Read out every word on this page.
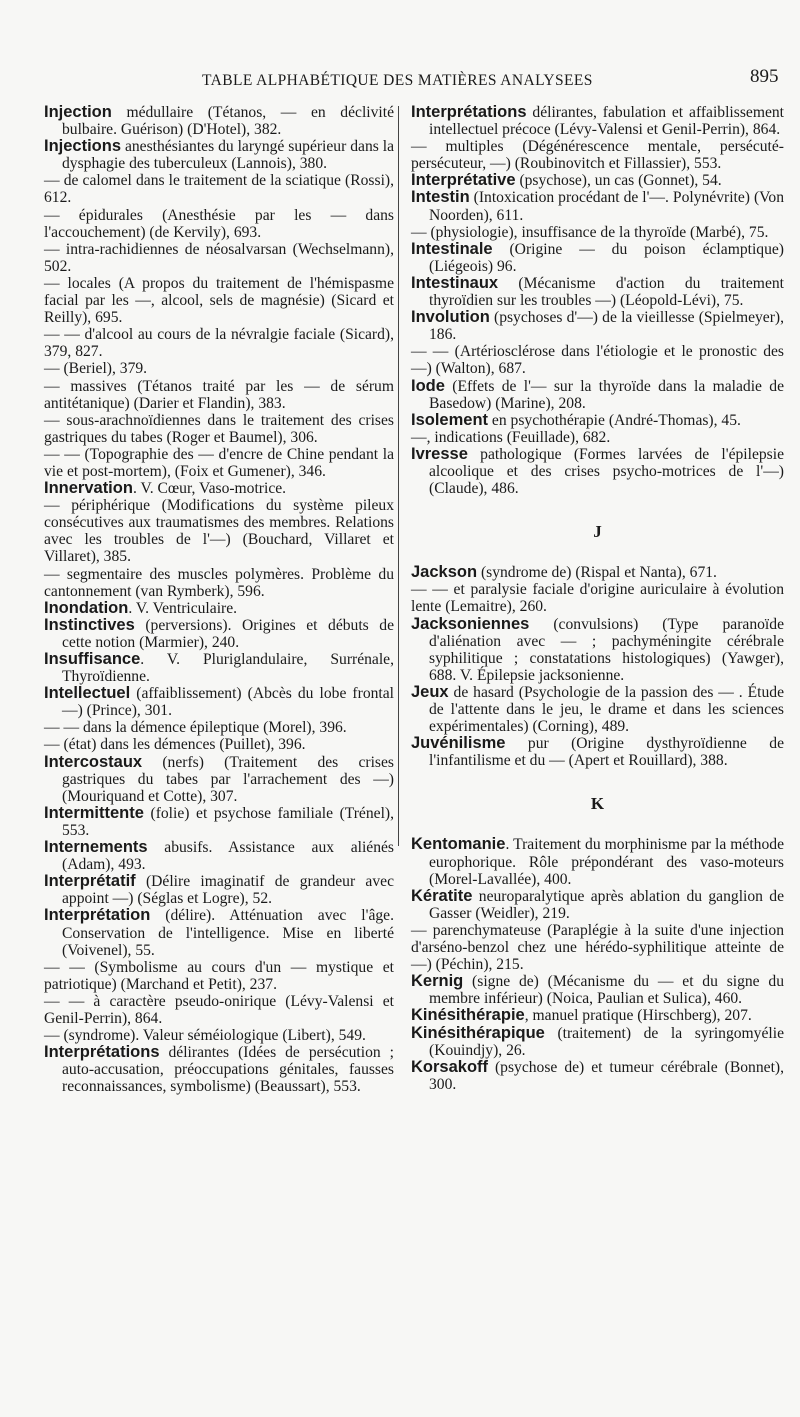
TABLE ALPHABÉTIQUE DES MATIÈRES ANALYSEES	895

Injection médullaire (Tétanos, — en déclivité bulbaire. Guérison) (D'Hotel), 382.

Injections anesthésiantes du laryngé supérieur dans la dysphagie des tuberculeux (Lannois), 380.

— de calomel dans le traitement de la sciatique (Rossi), 612.

— épidurales (Anesthésie par les — dans l'accouchement) (de Kervily), 693.

— intra-rachidiennes de néosalvarsan (Wechselmann), 502.

— locales (A propos du traitement de l'hémispasme facial par les —, alcool, sels de magnésie) (Sicard et Reilly), 695.

— — d'alcool au cours de la névralgie faciale (Sicard), 379, 827.

— (Beriel), 379.

— massives (Tétanos traité par les — de sérum antitétanique) (Darier et Flandin), 383.

— sous-arachnoïdiennes dans le traitement des crises gastriques du tabes (Roger et Baumel), 306.

— — (Topographie des — d'encre de Chine pendant la vie et post-mortem), (Foix et Gumener), 346.

Innervation. V. Cœur, Vaso-motrice.

— périphérique (Modifications du système pileux consécutives aux traumatismes des membres. Relations avec les troubles de l'—) (Bouchard, Villaret et Villaret), 385.

— segmentaire des muscles polymères. Problème du cantonnement (van Rymberk), 596.

Inondation. V. Ventriculaire.

Instinctives (perversions). Origines et débuts de cette notion (Marmier), 240.

Insuffisance. V. Pluriglandulaire, Surrénale, Thyroïdienne.

Intellectuel (affaiblissement) (Abcès du lobe frontal —) (Prince), 301.

— — dans la démence épileptique (Morel), 396.

— (état) dans les démences (Puillet), 396.

Intercostaux (nerfs) (Traitement des crises gastriques du tabes par l'arrachement des —) (Mouriquand et Cotte), 307.

Intermittente (folie) et psychose familiale (Trénel), 553.

Internements abusifs. Assistance aux aliénés (Adam), 493.

Interprétatif (Délire imaginatif de grandeur avec appoint —) (Séglas et Logre), 52.

Interprétation (délire). Atténuation avec l'âge. Conservation de l'intelligence. Mise en liberté (Voivenel), 55.

— — (Symbolisme au cours d'un — mystique et patriotique) (Marchand et Petit), 237.

— — à caractère pseudo-onirique (Lévy-Valensi et Genil-Perrin), 864.

— (syndrome). Valeur séméiologique (Libert), 549.

Interprétations délirantes (Idées de persécution ; auto-accusation, préoccupations génitales, fausses reconnaissances, symbolisme) (Beaussart), 553.

Interprétations délirantes, fabulation et affaiblissement intellectuel précoce (Lévy-Valensi et Genil-Perrin), 864.

— multiples (Dégénérescence mentale, persécuté-persécuteur, —) (Roubinovitch et Fillassier), 553.

Interprétative (psychose), un cas (Gonnet), 54.

Intestin (Intoxication procédant de l'—. Polynévrite) (Von Noorden), 611.

— (physiologie), insuffisance de la thyroïde (Marbé), 75.

Intestinale (Origine — du poison éclamptique) (Liégeois) 96.

Intestinaux (Mécanisme d'action du traitement thyroïdien sur les troubles —) (Léopold-Lévi), 75.

Involution (psychoses d'—) de la vieillesse (Spielmeyer), 186.

— — (Artériosclérose dans l'étiologie et le pronostic des —) (Walton), 687.

Iode (Effets de l'— sur la thyroïde dans la maladie de Basedow) (Marine), 208.

Isolement en psychothérapie (André-Thomas), 45.

—, indications (Feuillade), 682.

Ivresse pathologique (Formes larvées de l'épilepsie alcoolique et des crises psycho-motrices de l'—) (Claude), 486.

J

Jackson (syndrome de) (Rispal et Nanta), 671.

— — et paralysie faciale d'origine auriculaire à évolution lente (Lemaitre), 260.

Jacksoniennes (convulsions) (Type paranoïde d'aliénation avec — ; pachyméningite cérébrale syphilitique ; constatations histologiques) (Yawger), 688. V. Épilepsie jacksonienne.

Jeux de hasard (Psychologie de la passion des — . Étude de l'attente dans le jeu, le drame et dans les sciences expérimentales) (Corning), 489.

Juvénilisme pur (Origine dysthyroïdienne de l'infantilisme et du — (Apert et Rouillard), 388.

K

Kentomanie. Traitement du morphinisme par la méthode europhorique. Rôle prépondérant des vaso-moteurs (Morel-Lavallée), 400.

Kératite neuroparalytique après ablation du ganglion de Gasser (Weidler), 219.

— parenchymateuse (Paraplégie à la suite d'une injection d'arséno-benzol chez une hérédo-syphilitique atteinte de —) (Péchin), 215.

Kernig (signe de) (Mécanisme du — et du signe du membre inférieur) (Noica, Paulian et Sulica), 460.

Kinésithérapie, manuel pratique (Hirschberg), 207.

Kinésithérapique (traitement) de la syringomyélie (Kouindjy), 26.

Korsakoff (psychose de) et tumeur cérébrale (Bonnet), 300.
